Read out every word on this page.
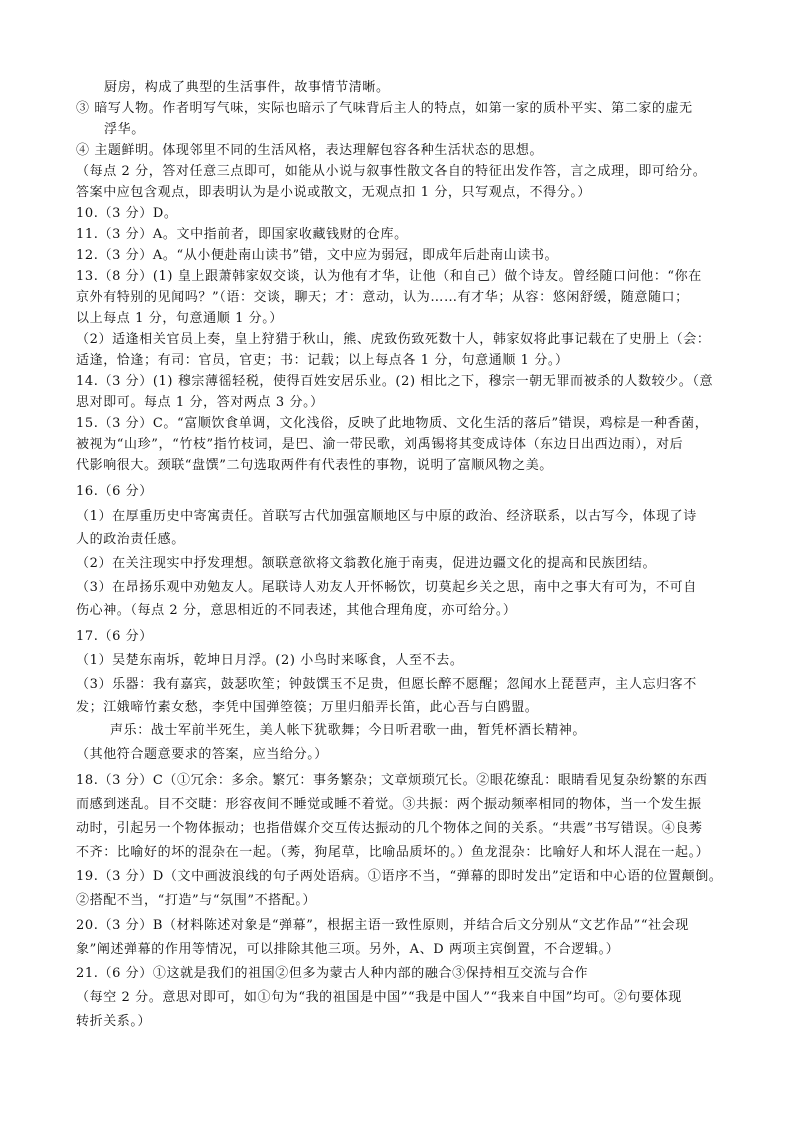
厨房，构成了典型的生活事件，故事情节清晰。
③ 暗写人物。作者明写气味，实际也暗示了气味背后主人的特点，如第一家的质朴平实、第二家的虚无
浮华。
④ 主题鲜明。体现邻里不同的生活风格，表达理解包容各种生活状态的思想。
（每点 2 分，答对任意三点即可，如能从小说与叙事性散文各自的特征出发作答，言之成理，即可给分。
答案中应包含观点，即表明认为是小说或散文，无观点扣 1 分，只写观点，不得分。）
10.（3 分）D。
11.（3 分）A。文中指前者，即国家收藏钱财的仓库。
12.（3 分）A。“从小便赴南山读书”错，文中应为弱冠，即成年后赴南山读书。
13.（8 分）(1) 皇上跟萧韩家奴交谈，认为他有才华，让他（和自己）做个诗友。曾经随口问他：“你在
京外有特别的见闻吗？”（语：交谈，聊天；才：意动，认为……有才华；从容：悠闲舒缓，随意随口；
以上每点 1 分，句意通顺 1 分。）
（2）适逢相关官员上奏，皇上狩猎于秋山，熊、虎致伤致死数十人，韩家奴将此事记载在了史册上（会：
适逢，恰逢；有司：官员，官吏；书：记载；以上每点各 1 分，句意通顺 1 分。）
14.（3 分）(1) 穆宗薄徭轻税，使得百姓安居乐业。(2) 相比之下，穆宗一朝无罪而被杀的人数较少。（意
思对即可。每点 1 分，答对两点 3 分。）
15.（3 分）C。“富顺饮食单调，文化浅俗，反映了此地物质、文化生活的落后”错误，鸡棕是一种香菌，
被视为“山珍”，“竹枝”指竹枝词，是巴、渝一带民歌，刘禹锡将其变成诗体（东边日出西边雨），对后
代影响很大。颈联“盘馔”二句选取两件有代表性的事物，说明了富顺风物之美。
16.（6 分）
（1）在厚重历史中寄寓责任。首联写古代加强富顺地区与中原的政治、经济联系，以古写今，体现了诗
人的政治责任感。
（2）在关注现实中抒发理想。颔联意欲将文翁教化施于南夷，促进边疆文化的提高和民族团结。
（3）在昂扬乐观中劝勉友人。尾联诗人劝友人开怀畅饮，切莫起乡关之思，南中之事大有可为，不可自
伤心神。（每点 2 分，意思相近的不同表述，其他合理角度，亦可给分。）
17.（6 分）
（1）吴楚东南坼，乾坤日月浮。(2) 小鸟时来啄食，人至不去。
（3）乐器：我有嘉宾，鼓瑟吹笙；钟鼓馔玉不足贵，但愿长醉不愿醒；忽闻水上琵琶声，主人忘归客不
发；江娥啼竹素女愁，李凭中国弹箜篌；万里归船弄长笛，此心吾与白鸥盟。
声乐：战士军前半死生，美人帐下犹歌舞；今日听君歌一曲，暂凭杯酒长精神。
（其他符合题意要求的答案，应当给分。）
18.（3 分）C（①冗余：多余。繁冗：事务繁杂；文章烦琐冗长。②眼花缭乱：眼睛看见复杂纷繁的东西
而感到迷乱。目不交睫：形容夜间不睡觉或睡不着觉。③共振：两个振动频率相同的物体，当一个发生振
动时，引起另一个物体振动；也指借媒介交互传达振动的几个物体之间的关系。“共震”书写错误。④良莠
不齐：比喻好的坏的混杂在一起。（莠，狗尾草，比喻品质坏的。）鱼龙混杂：比喻好人和坏人混在一起。）
19.（3 分）D（文中画波浪线的句子两处语病。①语序不当，“弹幕的即时发出”定语和中心语的位置颠倒。
②搭配不当，“打造”与“氛围”不搭配。）
20.（3 分）B（材料陈述对象是“弹幕”，根据主语一致性原则，并结合后文分别从“文艺作品”“社会现
象”阐述弹幕的作用等情况，可以排除其他三项。另外，A、D 两项主宾倒置，不合逻辑。）
21.（6 分）①这就是我们的祖国②但多为蒙古人种内部的融合③保持相互交流与合作
（每空 2 分。意思对即可，如①句为“我的祖国是中国”“我是中国人”“我来自中国”均可。②句要体现
转折关系。）
